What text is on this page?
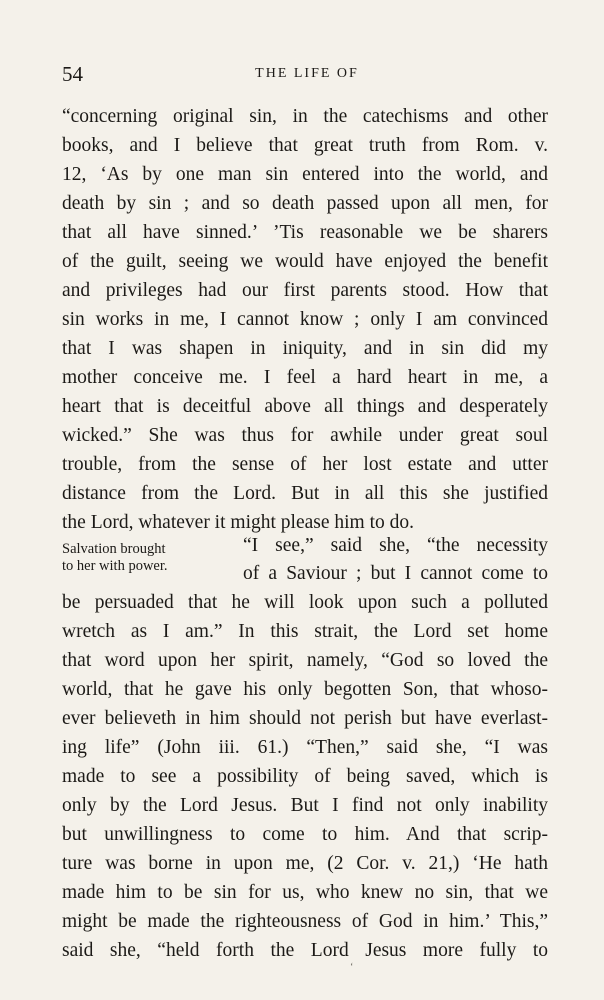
54	THE LIFE OF
“concerning original sin, in the catechisms and other
books, and I believe that great truth from Rom. v.
12, ‘As by one man sin entered into the world, and
death by sin ; and so death passed upon all men, for
that all have sinned.’ ’Tis reasonable we be sharers
of the guilt, seeing we would have enjoyed the benefit
and privileges had our first parents stood. How that
sin works in me, I cannot know ; only I am convinced
that I was shapen in iniquity, and in sin did my
mother conceive me. I feel a hard heart in me, a
heart that is deceitful above all things and desperately
wicked.” She was thus for awhile under great soul
trouble, from the sense of her lost estate and utter
distance from the Lord. But in all this she justified
the Lord, whatever it might please him to do.
Salvation brought
to her with power.
“I see,” said she, “the necessity
of a Saviour ; but I cannot come to
be persuaded that he will look upon such a polluted
wretch as I am.” In this strait, the Lord set home
that word upon her spirit, namely, “God so loved the
world, that he gave his only begotten Son, that whoso-
ever believeth in him should not perish but have everlast-
ing life” (John iii. 61.) “Then,” said she, “I was
made to see a possibility of being saved, which is
only by the Lord Jesus. But I find not only inability
but unwillingness to come to him. And that scrip-
ture was borne in upon me, (2 Cor. v. 21,) ‘He hath
made him to be sin for us, who knew no sin, that we
might be made the righteousness of God in him.’ This,”
said she, “held forth the Lord Jesus more fully to
‘
